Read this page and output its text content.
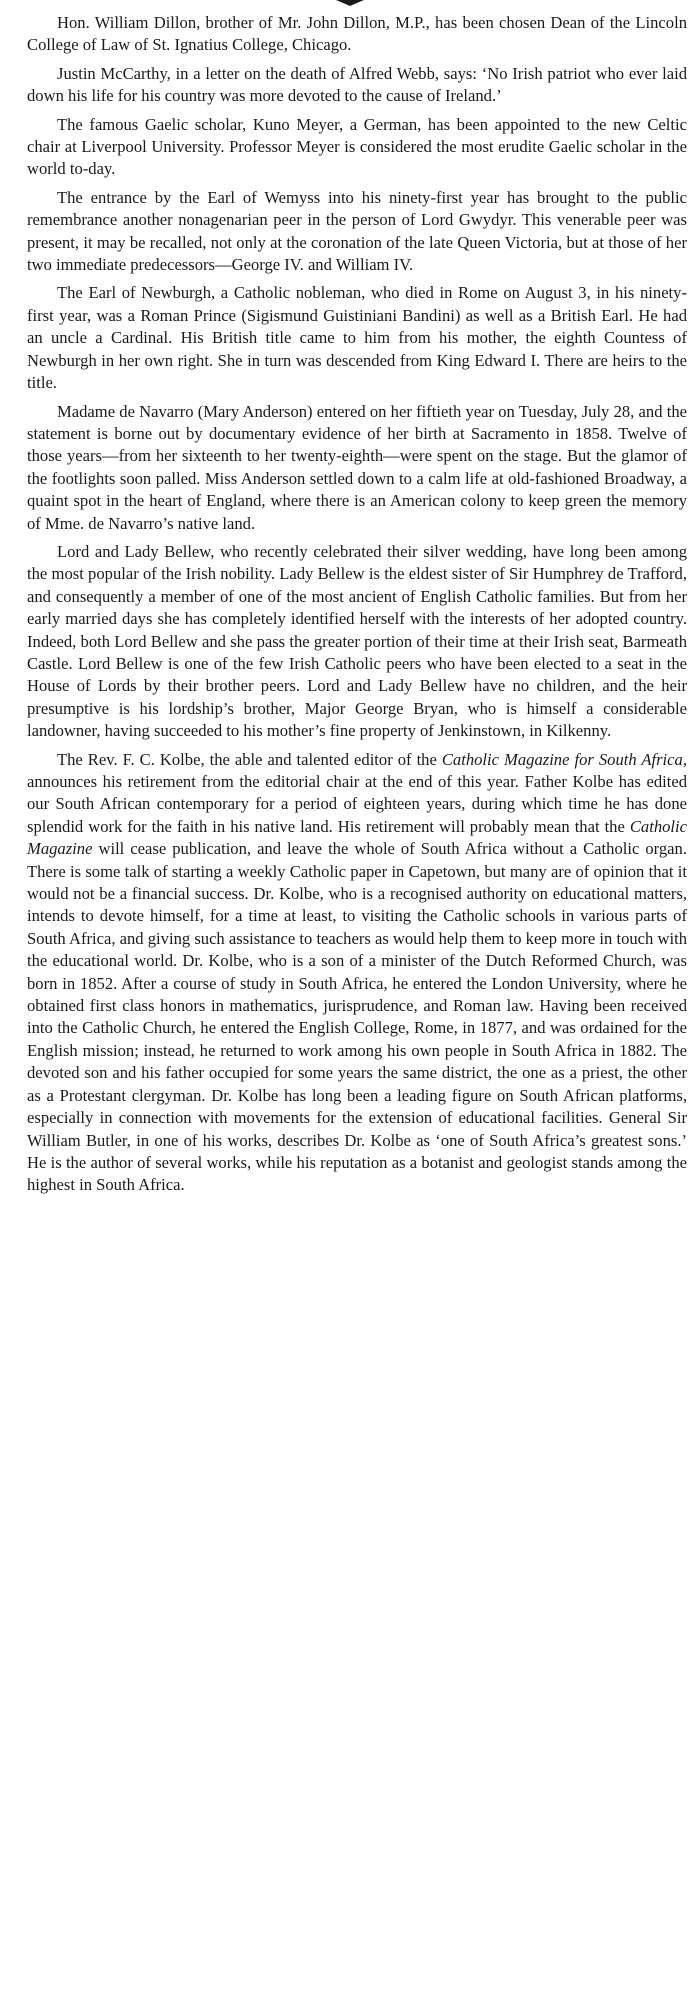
Hon. William Dillon, brother of Mr. John Dillon, M.P., has been chosen Dean of the Lincoln College of Law of St. Ignatius College, Chicago.

Justin McCarthy, in a letter on the death of Alfred Webb, says: ‘No Irish patriot who ever laid down his life for his country was more devoted to the cause of Ireland.’

The famous Gaelic scholar, Kuno Meyer, a German, has been appointed to the new Celtic chair at Liverpool University. Professor Meyer is considered the most erudite Gaelic scholar in the world to-day.

The entrance by the Earl of Wemyss into his ninety-first year has brought to the public remembrance another nonagenarian peer in the person of Lord Gwydyr. This venerable peer was present, it may be recalled, not only at the coronation of the late Queen Victoria, but at those of her two immediate predecessors—George IV. and William IV.

The Earl of Newburgh, a Catholic nobleman, who died in Rome on August 3, in his ninety-first year, was a Roman Prince (Sigismund Guistiniani Bandini) as well as a British Earl. He had an uncle a Cardinal. His British title came to him from his mother, the eighth Countess of Newburgh in her own right. She in turn was descended from King Edward I. There are heirs to the title.

Madame de Navarro (Mary Anderson) entered on her fiftieth year on Tuesday, July 28, and the statement is borne out by documentary evidence of her birth at Sacramento in 1858. Twelve of those years—from her sixteenth to her twenty-eighth—were spent on the stage. But the glamor of the footlights soon palled. Miss Anderson settled down to a calm life at old-fashioned Broadway, a quaint spot in the heart of England, where there is an American colony to keep green the memory of Mme. de Navarro’s native land.

Lord and Lady Bellew, who recently celebrated their silver wedding, have long been among the most popular of the Irish nobility. Lady Bellew is the eldest sister of Sir Humphrey de Trafford, and consequently a member of one of the most ancient of English Catholic families. But from her early married days she has completely identified herself with the interests of her adopted country. Indeed, both Lord Bellew and she pass the greater portion of their time at their Irish seat, Barmeath Castle. Lord Bellew is one of the few Irish Catholic peers who have been elected to a seat in the House of Lords by their brother peers. Lord and Lady Bellew have no children, and the heir presumptive is his lordship’s brother, Major George Bryan, who is himself a considerable landowner, having succeeded to his mother’s fine property of Jenkinstown, in Kilkenny.

The Rev. F. C. Kolbe, the able and talented editor of the Catholic Magazine for South Africa, announces his retirement from the editorial chair at the end of this year. Father Kolbe has edited our South African contemporary for a period of eighteen years, during which time he has done splendid work for the faith in his native land. His retirement will probably mean that the Catholic Magazine will cease publication, and leave the whole of South Africa without a Catholic organ. There is some talk of starting a weekly Catholic paper in Capetown, but many are of opinion that it would not be a financial success. Dr. Kolbe, who is a recognised authority on educational matters, intends to devote himself, for a time at least, to visiting the Catholic schools in various parts of South Africa, and giving such assistance to teachers as would help them to keep more in touch with the educational world. Dr. Kolbe, who is a son of a minister of the Dutch Reformed Church, was born in 1852. After a course of study in South Africa, he entered the London University, where he obtained first class honors in mathematics, jurisprudence, and Roman law. Having been received into the Catholic Church, he entered the English College, Rome, in 1877, and was ordained for the English mission; instead, he returned to work among his own people in South Africa in 1882. The devoted son and his father occupied for some years the same district, the one as a priest, the other as a Protestant clergyman. Dr. Kolbe has long been a leading figure on South African platforms, especially in connection with movements for the extension of educational facilities. General Sir William Butler, in one of his works, describes Dr. Kolbe as ‘one of South Africa’s greatest sons.’ He is the author of several works, while his reputation as a botanist and geologist stands among the highest in South Africa.
